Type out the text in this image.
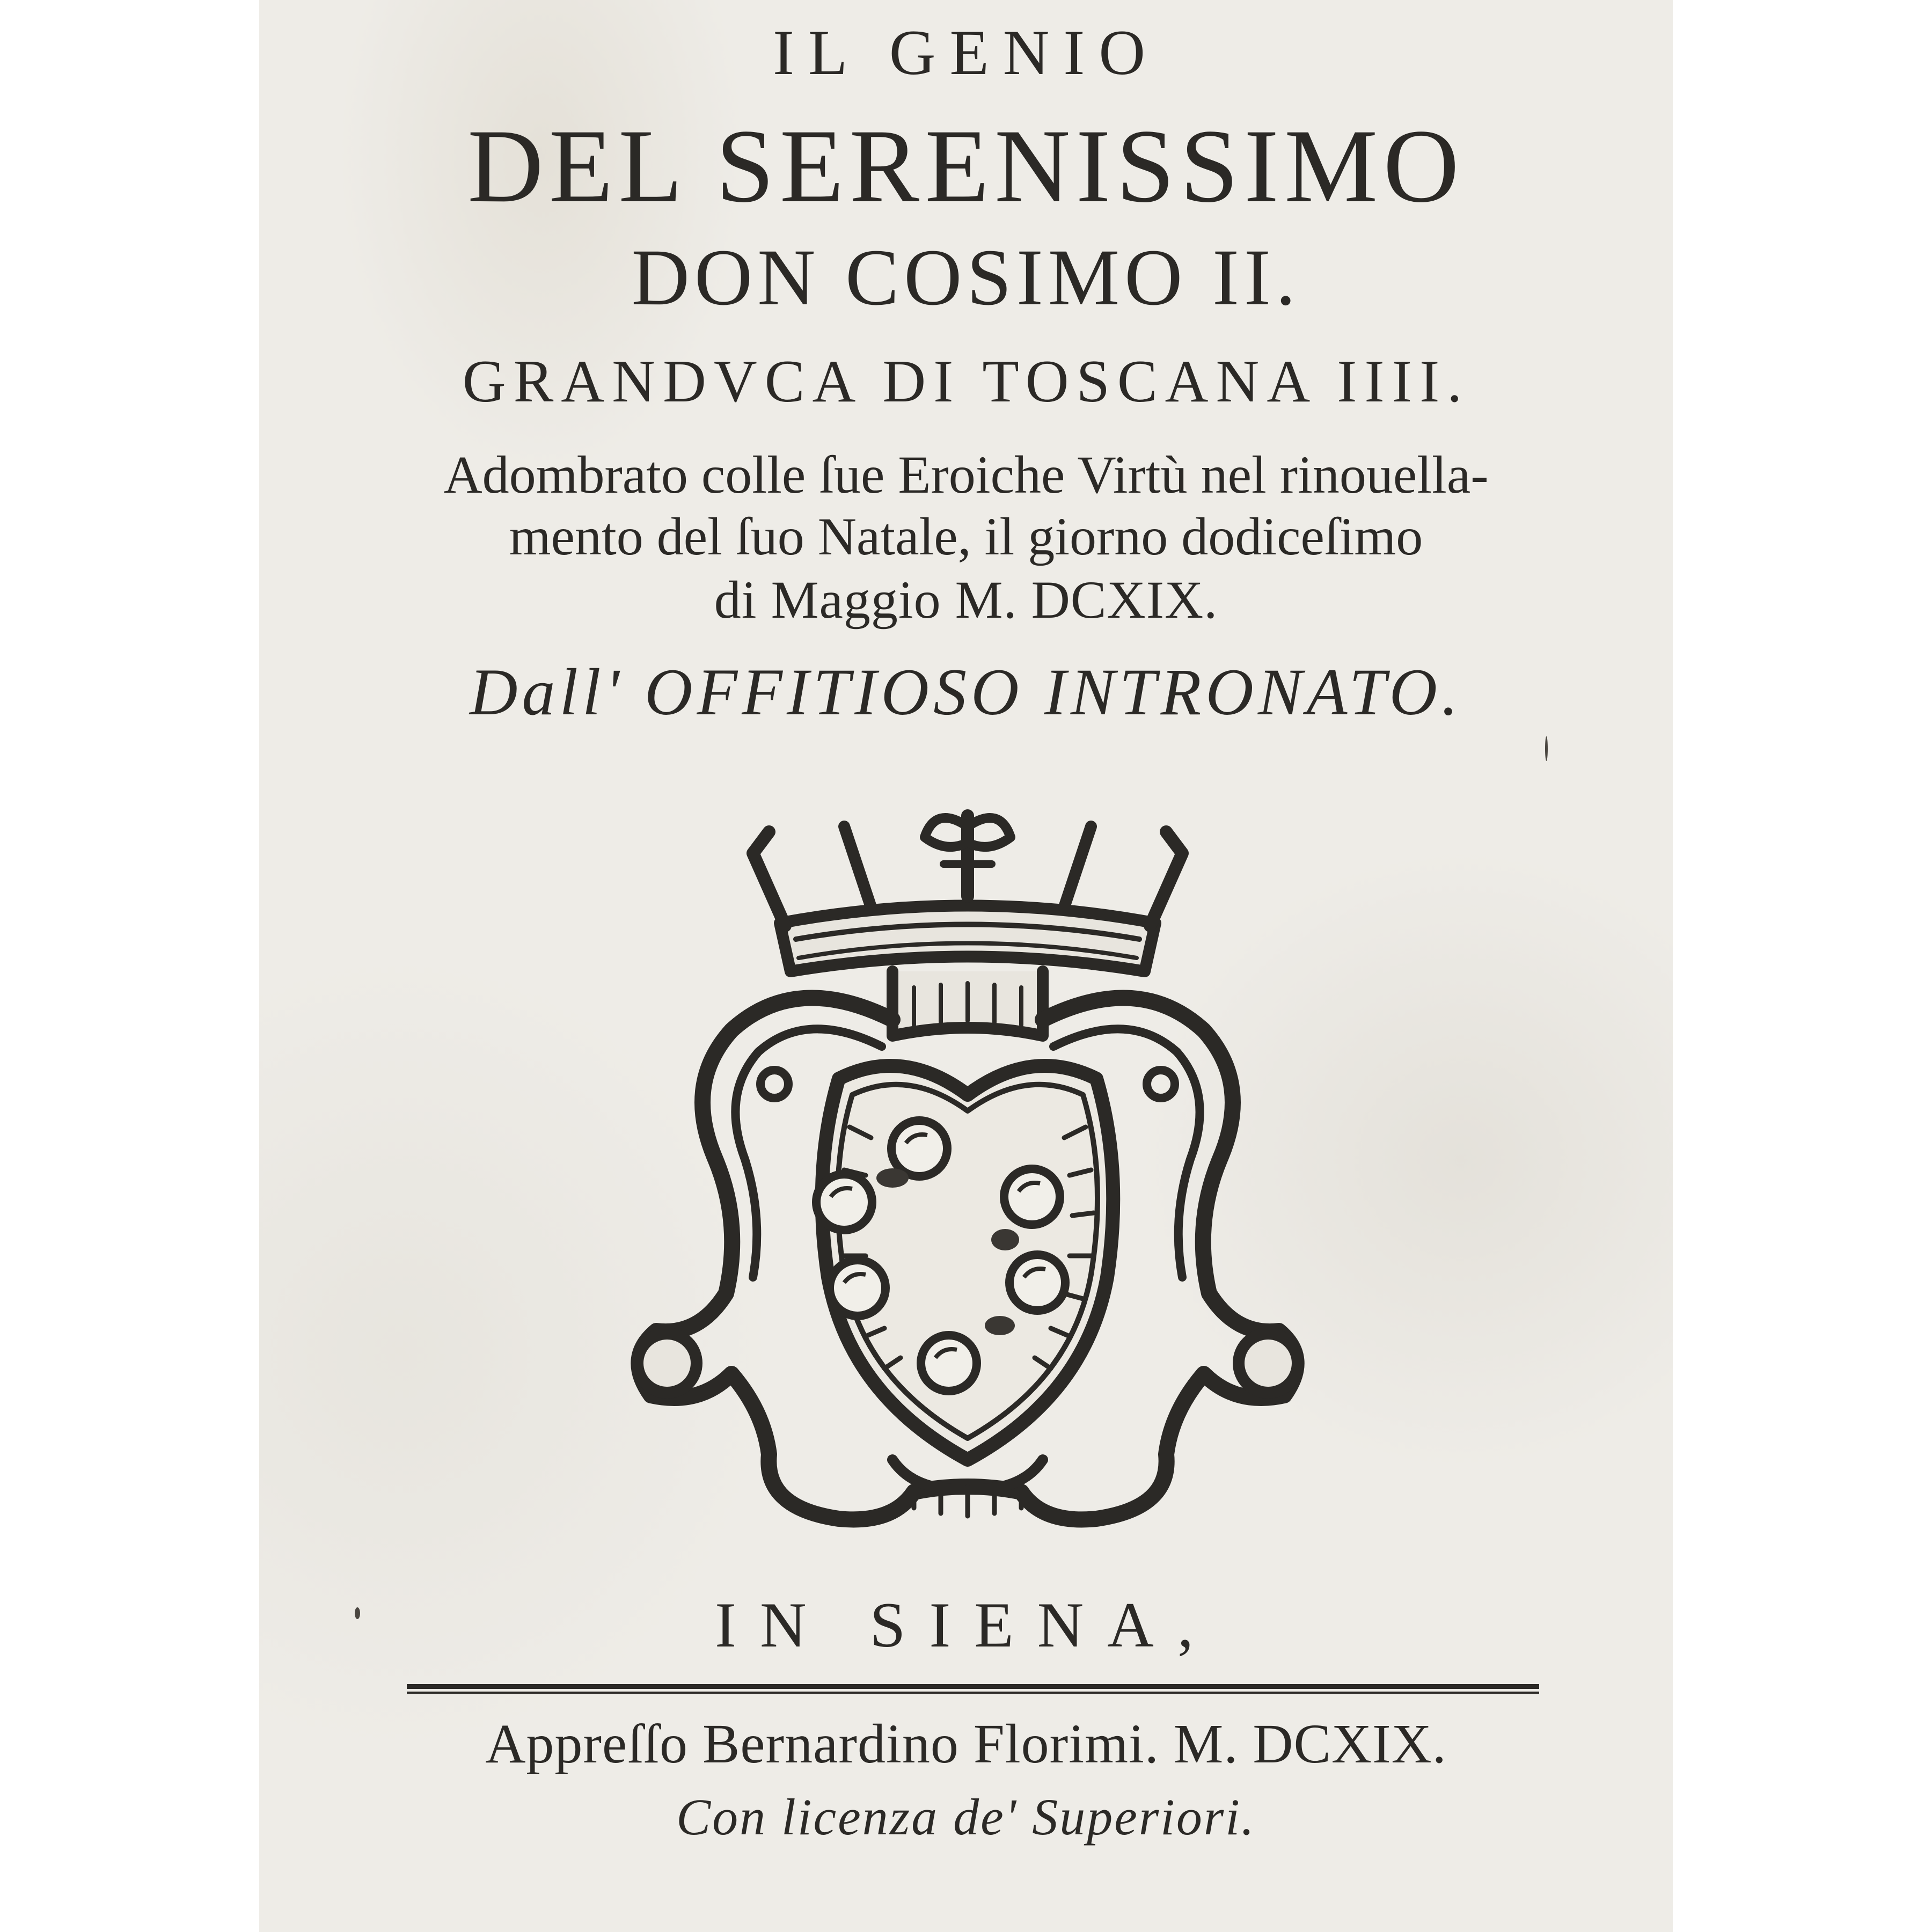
IL GENIO
DEL SERENISSIMO
DON COSIMO II.
GRANDVCA DI TOSCANA IIII.
Adombrato colle ſue Eroiche Virtù nel rinouella-
mento del ſuo Natale, il giorno dodiceſimo
di Maggio M. DCXIX.
Dall' OFFITIOSO INTRONATO.
IN SIENA,
Appreſſo Bernardino Florimi. M. DCXIX.
Con licenza de' Superiori.
